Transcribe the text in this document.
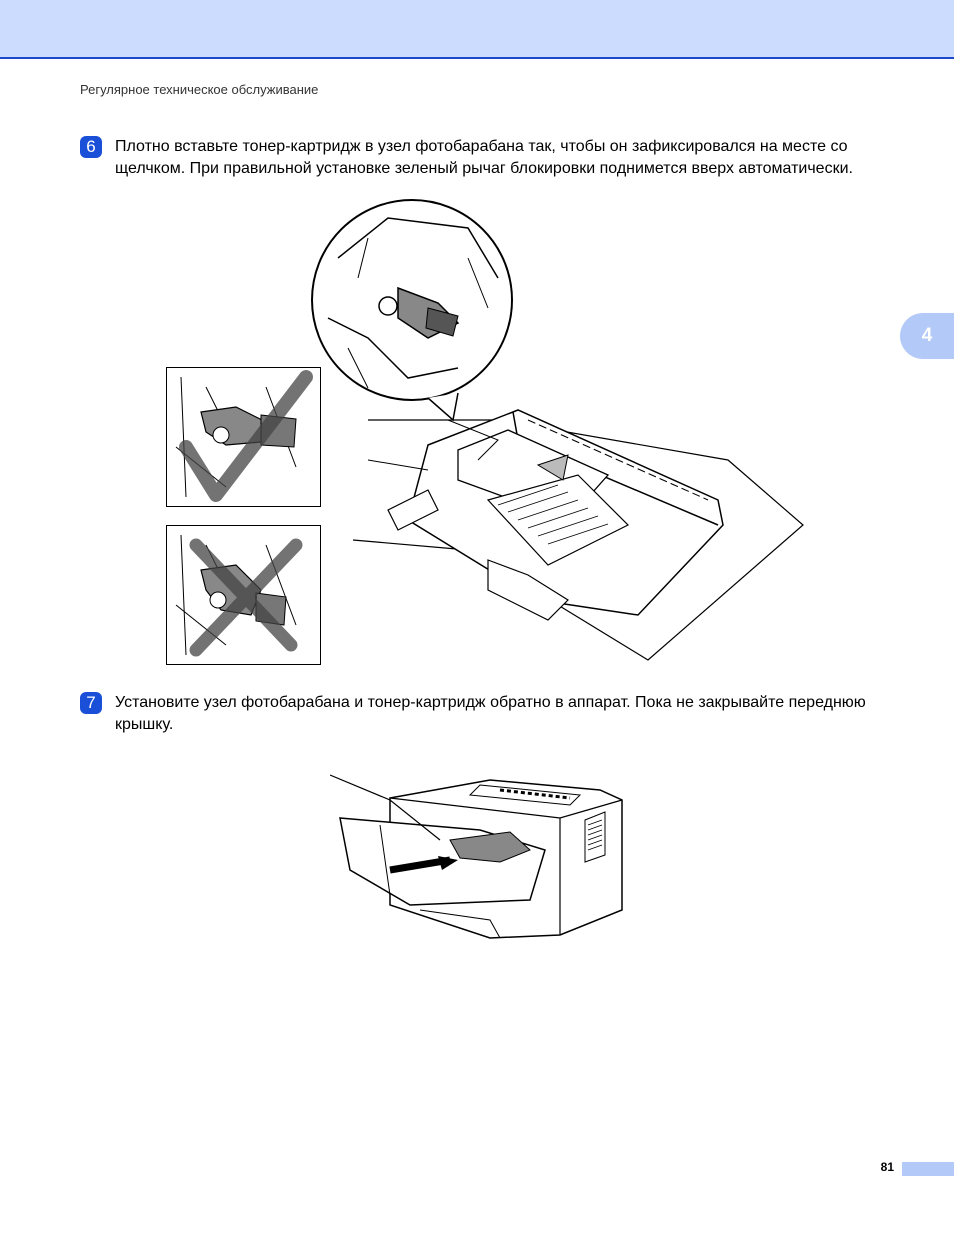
Регулярное техническое обслуживание
4
6	Плотно вставьте тонер-картридж в узел фотобарабана так, чтобы он зафиксировался на месте со щелчком. При правильной установке зеленый рычаг блокировки поднимется вверх автоматически.
7	Установите узел фотобарабана и тонер-картридж обратно в аппарат. Пока не закрывайте переднюю крышку.
81
